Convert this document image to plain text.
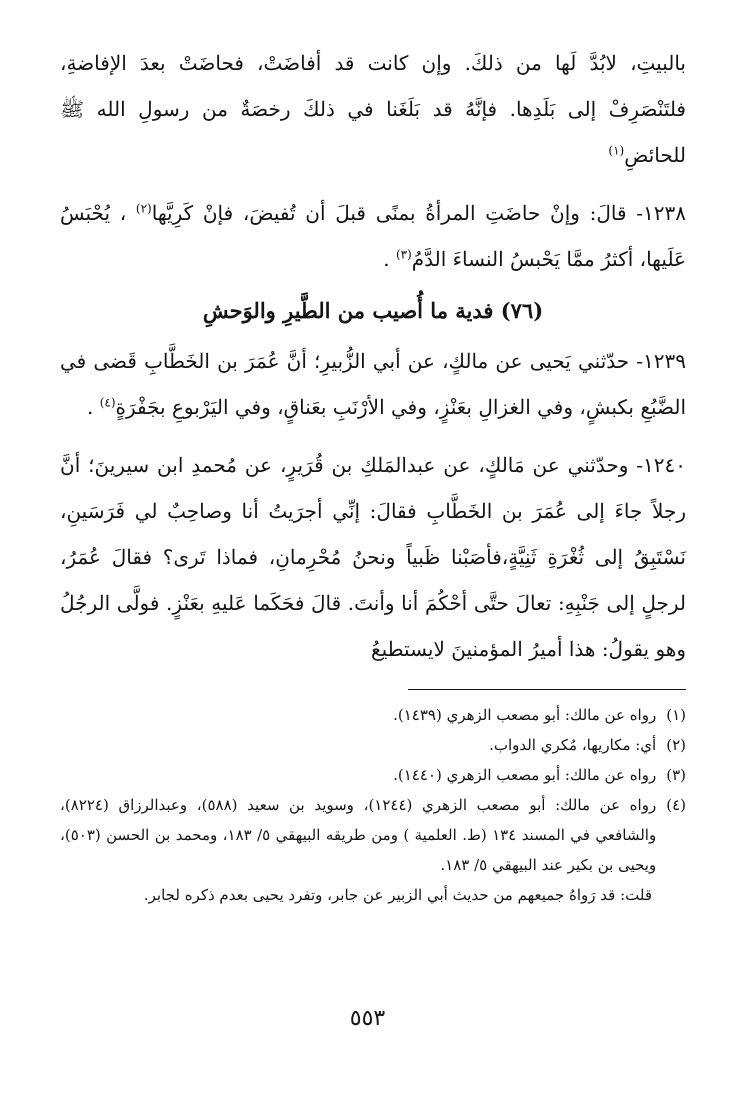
بالبيتِ، لابُدَّ لَها من ذلكَ. وإن كانت قد أفاضَتْ، فحاضَتْ بعدَ الإفاضةِ، فلتَنْصَرِفْ إلى بَلَدِها. فإنَّهُ قد بَلَغَنا في ذلكَ رخصَةٌ من رسولِ الله ﷺ للحائضِ$^{(١)}$

١٢٣٨- قالَ: وإنْ حاضَتِ المرأةُ بمنًى قبلَ أن تُفيضَ، فإنْ كَرِيَّها$^{(٢)}$ ، يُحْبَسُ عَلَيها، أكثرُ ممَّا يَحْبسُ النساءَ الدَّمُ$^{(٣)}$ .

(٧٦) فدية ما أُصيب من الطَّيرِ والوَحشِ

١٢٣٩- حدّثني يَحيى عن مالكٍ، عن أبي الزُّبيرِ؛ أنَّ عُمَرَ بن الخَطَّابِ قَضى في الضَّبُعِ بكبشٍ، وفي الغزالِ بعَنْزٍ، وفي الأرْنَبِ بعَناقٍ، وفي اليَرْبوعِ بجَفْرَةٍ$^{(٤)}$ .

١٢٤٠- وحدّثني عن مَالكٍ، عن عبدالمَلكِ بن قُرَيرٍ، عن مُحمدِ ابن سيرينَ؛ أنَّ رجلاً جاءَ إلى عُمَرَ بن الخَطَّابِ فقالَ: إنِّي أجرَيتُ أنا وصاحِبٌ لي فَرَسَينِ، نَسْتَبِقُ إلى ثُغْرَةِ ثَنِيَّةٍ،فأصَبْنا ظَبياً ونحنُ مُحْرِمانِ، فماذا تَرى؟ فقالَ عُمَرُ، لرجلٍ إلى جَنْبِهِ: تعالَ حتَّى أحْكُمَ أنا وأنتَ. قالَ فحَكَما عَليهِ بعَنْزٍ. فولَّى الرجُلُ وهو يقولُ: هذا أميرُ المؤمنينَ لايستطيعُ

(١)
رواه عن مالك: أبو مصعب الزهري (١٤٣٩).
(٢)
أي: مكاريها، مُكري الدواب.
(٣)
رواه عن مالك: أبو مصعب الزهري (١٤٤٠).
(٤)
رواه عن مالك: أبو مصعب الزهري (١٢٤٤)، وسويد بن سعيد (٥٨٨)، وعبدالرزاق (٨٢٢٤)، والشافعي في المسند ١٣٤ (ط. العلمية ) ومن طريقه البيهقي ٥/ ١٨٣، ومحمد بن الحسن (٥٠٣)، ويحيى بن بكير عند البيهقي ٥/ ١٨٣.
قلت: قد رَواهُ جميعهم من حديث أبي الزبير عن جابر، وتفرد يحيى بعدم ذكره لجابر.
٥٥٣
